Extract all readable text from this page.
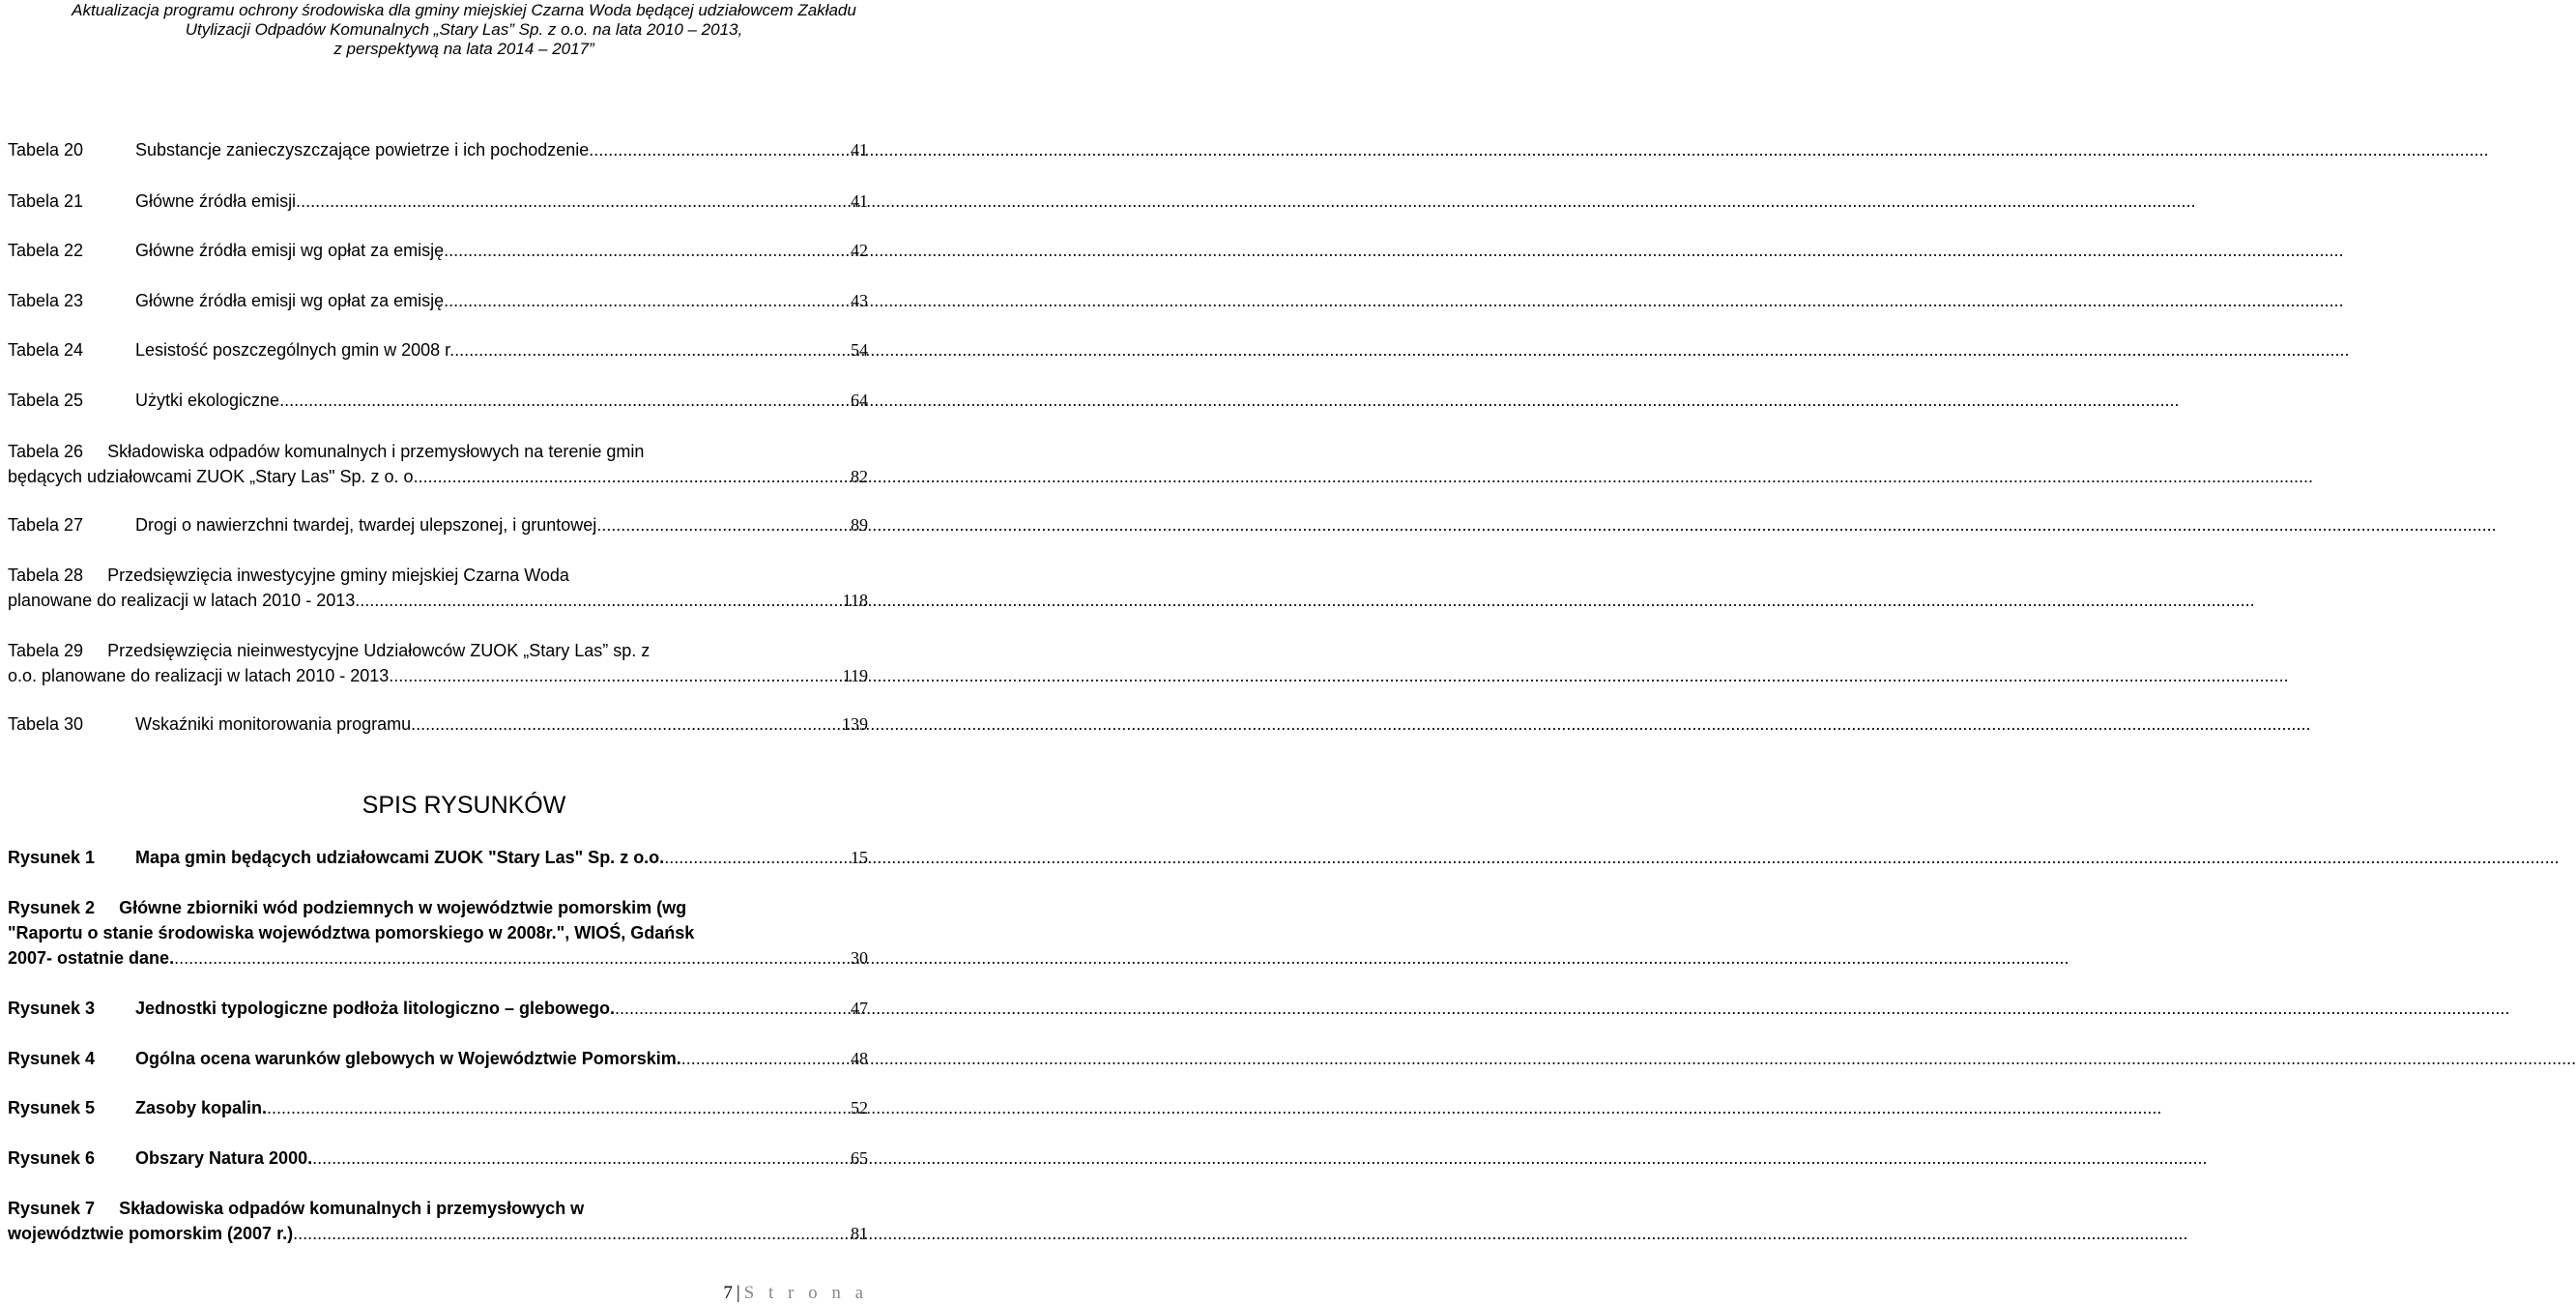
Aktualizacja programu ochrony środowiska dla gminy miejskiej Czarna Woda będącej udziałowcem Zakładu
Utylizacji Odpadów Komunalnych „Stary Las” Sp. z o.o. na lata 2010 – 2013,
z perspektywą na lata 2014 – 2017”
Tabela 20	Substancje zanieczyszczające powietrze i ich pochodzenie. .....	41
Tabela 21	Główne źródła emisji. .....	41
Tabela 22	Główne źródła emisji wg opłat za emisję. .....	42
Tabela 23	Główne źródła emisji wg opłat za emisję. .....	43
Tabela 24	Lesistość poszczególnych gmin w 2008 r. .....	54
Tabela 25	Użytki ekologiczne. .....	64
Tabela 26
Składowiska odpadów komunalnych i przemysłowych na terenie gmin
będących udziałowcami ZUOK „Stary Las" Sp. z o. o. .....	82
Tabela 27	Drogi o nawierzchni twardej, twardej ulepszonej, i gruntowej. .....	89
Tabela 28
Przedsięwzięcia inwestycyjne gminy miejskiej Czarna Woda
planowane do realizacji w latach 2010 - 2013. .....	118
Tabela 29
Przedsięwzięcia nieinwestycyjne Udziałowców ZUOK „Stary Las” sp. z
o.o. planowane do realizacji w latach 2010 - 2013. .....	119
Tabela 30	Wskaźniki monitorowania programu. .....	139
SPIS RYSUNKÓW
Rysunek 1	Mapa gmin będących udziałowcami ZUOK "Stary Las" Sp. z o.o. .....	15
Rysunek 2
Główne zbiorniki wód podziemnych w województwie pomorskim (wg
"Raportu o stanie środowiska województwa pomorskiego w 2008r.", WIOŚ, Gdańsk
2007- ostatnie dane. .....	30
Rysunek 3	Jednostki typologiczne podłoża litologiczno – glebowego. .....	47
Rysunek 4	Ogólna ocena warunków glebowych w Województwie Pomorskim. .....	48
Rysunek 5	Zasoby kopalin. .....	52
Rysunek 6	Obszary Natura 2000. .....	65
Rysunek 7
Składowiska odpadów komunalnych i przemysłowych w
województwie pomorskim (2007 r.) .....	81
7 | S t r o n a
